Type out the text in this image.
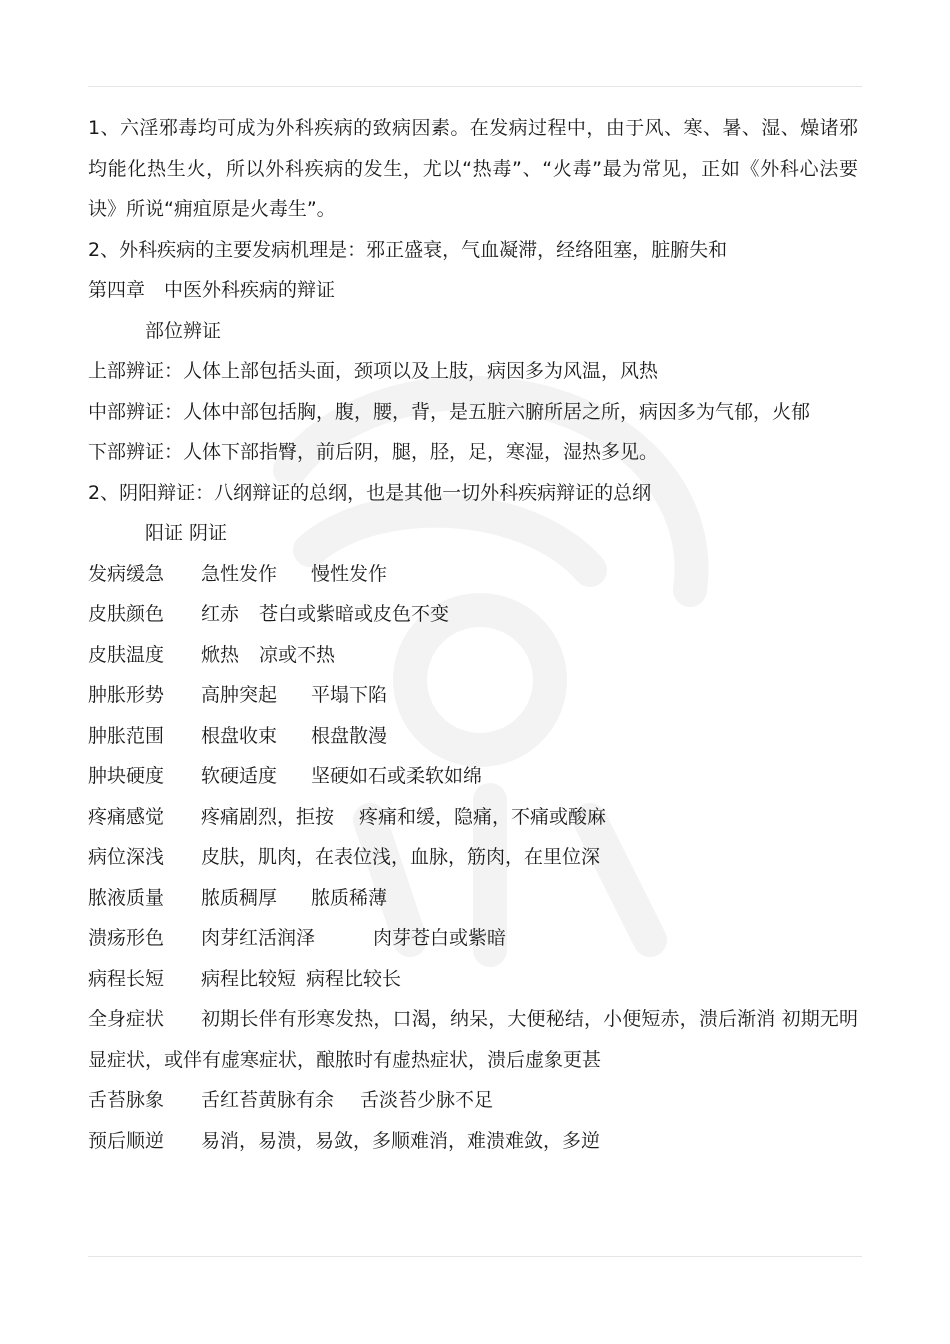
1、六淫邪毒均可成为外科疾病的致病因素。在发病过程中，由于风、寒、暑、湿、燥诸邪均能化热生火，所以外科疾病的发生，尤以“热毒”、“火毒”最为常见，正如《外科心法要诀》所说“痈疽原是火毒生”。

2、外科疾病的主要发病机理是：邪正盛衰，气血凝滞，经络阻塞，脏腑失和

第四章　中医外科疾病的辩证

部位辨证

上部辨证：人体上部包括头面，颈项以及上肢，病因多为风温，风热

中部辨证：人体中部包括胸，腹，腰，背，是五脏六腑所居之所，病因多为气郁，火郁

下部辨证：人体下部指臀，前后阴，腿，胫，足，寒湿，湿热多见。

2、阴阳辩证：八纲辩证的总纲，也是其他一切外科疾病辩证的总纲

阳证 阴证

发病缓急	急性发作 慢性发作
皮肤颜色	红赤 苍白或紫暗或皮色不变
皮肤温度	焮热 凉或不热
肿胀形势	高肿突起 平塌下陷
肿胀范围	根盘收束 根盘散漫
肿块硬度	软硬适度 坚硬如石或柔软如绵
疼痛感觉	疼痛剧烈，拒按 疼痛和缓，隐痛，不痛或酸麻
病位深浅	皮肤，肌肉，在表位浅， 血脉，筋肉，在里位深
脓液质量	脓质稠厚 脓质稀薄
溃疡形色	肉芽红活润泽	肉芽苍白或紫暗
病程长短	病程比较短 病程比较长

全身症状 初期长伴有形寒发热，口渴，纳呆，大便秘结，小便短赤，溃后渐消 初期无明显症状，或伴有虚寒症状，酿脓时有虚热症状，溃后虚象更甚

舌苔脉象	舌红苔黄脉有余 舌淡苔少脉不足
预后顺逆	易消，易溃，易敛，多顺 难消，难溃难敛，多逆
